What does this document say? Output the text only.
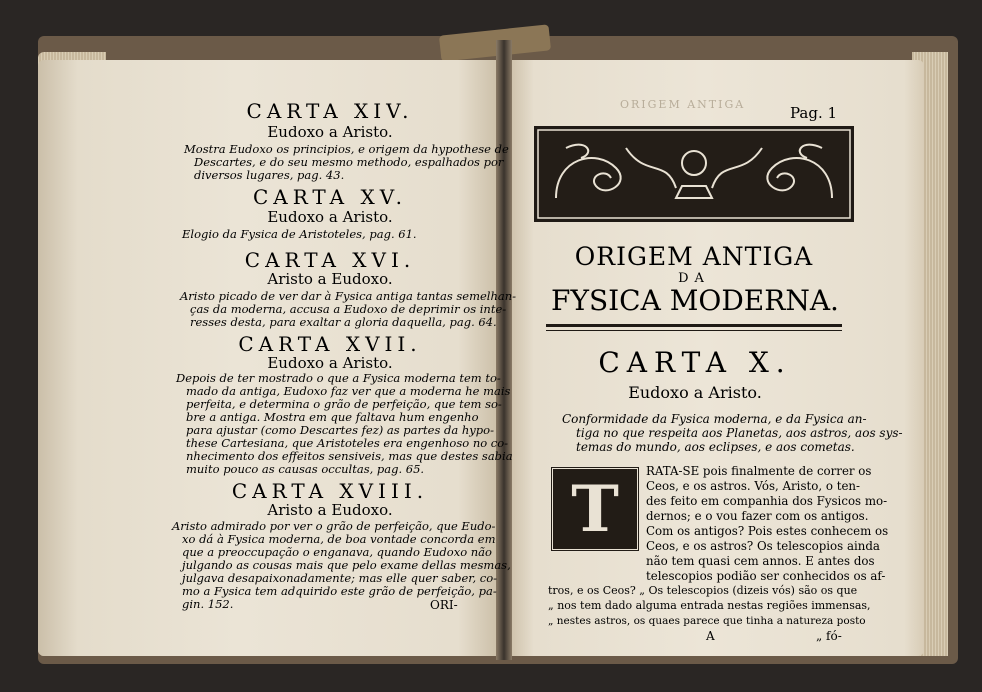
CARTA XIV.

Eudoxo a Aristo.

Mostra Eudoxo os principios, e origem da hypothese de

Descartes, e do seu mesmo methodo, espalhados por

diversos lugares, pag. 43.

CARTA XV.

Eudoxo a Aristo.

Elogio da Fysica de Aristoteles, pag. 61.

CARTA XVI.

Aristo a Eudoxo.

Aristo picado de ver dar à Fysica antiga tantas semelhan-

ças da moderna, accusa a Eudoxo de deprimir os inte-

resses desta, para exaltar a gloria daquella, pag. 64.

CARTA XVII.

Eudoxo a Aristo.

Depois de ter mostrado o que a Fysica moderna tem to-

mado da antiga, Eudoxo faz ver que a moderna he mais

perfeita, e determina o grão de perfeição, que tem so-

bre a antiga. Mostra em que faltava hum engenho

para ajustar (como Descartes fez) as partes da hypo-

these Cartesiana, que Aristoteles era engenhoso no co-

nhecimento dos effeitos sensiveis, mas que destes sabia

muito pouco as causas occultas, pag. 65.

CARTA XVIII.

Aristo a Eudoxo.

Aristo admirado por ver o grão de perfeição, que Eudo-

xo dá à Fysica moderna, de boa vontade concorda em

que a preoccupação o enganava, quando Eudoxo não

julgando as cousas mais que pelo exame dellas mesmas,

julgava desapaixonadamente; mas elle quer saber, co-

mo a Fysica tem adquirido este grão de perfeição, pa-

gin. 152.	ORI-

ORIGEM ANTIGA	Pag. 1

ORIGEM ANTIGA

DA

FYSICA MODERNA.

CARTA X.

Eudoxo a Aristo.

Conformidade da Fysica moderna, e da Fysica an-

tiga no que respeita aos Planetas, aos astros, aos sys-

temas do mundo, aos eclipses, e aos cometas.

T

RATA-SE pois finalmente de correr os

Ceos, e os astros. Vós, Aristo, o ten-

des feito em companhia dos Fysicos mo-

dernos; e o vou fazer com os antigos.

Com os antigos? Pois estes conhecem os

Ceos, e os astros? Os telescopios ainda

não tem quasi cem annos. E antes dos

telescopios podião ser conhecidos os af-

tros, e os Ceos? „ Os telescopios (dizeis vós) são os que

„ nos tem dado alguma entrada nestas regiões immensas,

„ nestes astros, os quaes parece que tinha a natureza posto

A	„ fó-
